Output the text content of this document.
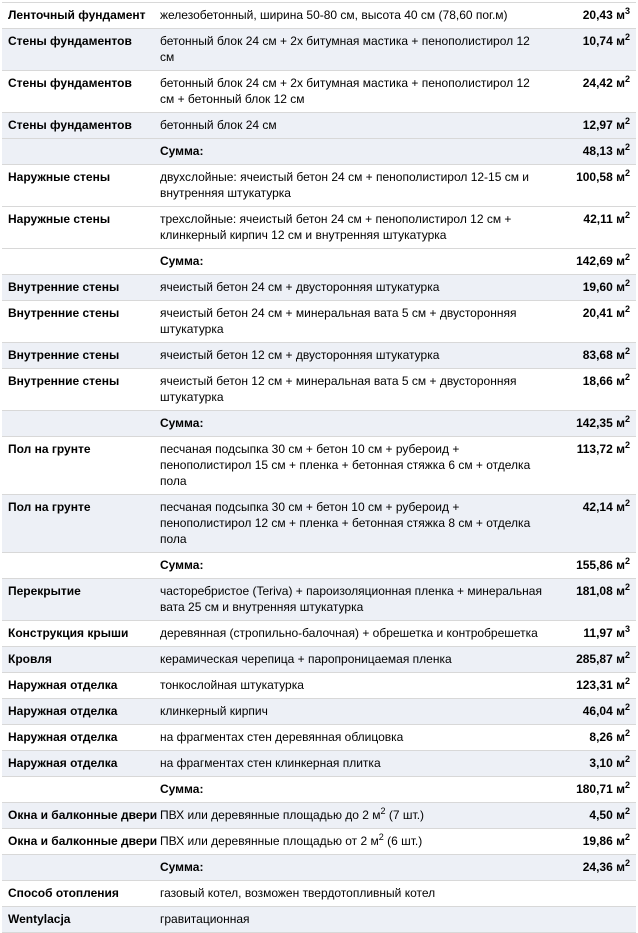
Ленточный фундамент	железобетонный, ширина 50-80 см, высота 40 см (78,60 пог.м)	20,43 $м^3$
Стены фундаментов	бетонный блок 24 см + 2х битумная мастика + пенополистирол 12 см	10,74 $м^2$
Стены фундаментов	бетонный блок 24 см + 2х битумная мастика + пенополистирол 12 см + бетонный блок 12 см	24,42 $м^2$
Стены фундаментов	бетонный блок 24 см	12,97 $м^2$
	Сумма:	48,13 $м^2$
Наружные стены	двухслойные: ячеистый бетон 24 см + пенополистирол 12-15 см и внутренняя штукатурка	100,58 $м^2$
Наружные стены	трехслойные: ячеистый бетон 24 см + пенополистирол 12 см + клинкерный кирпич 12 см и внутренняя штукатурка	42,11 $м^2$
	Сумма:	142,69 $м^2$
Внутренние стены	ячеистый бетон 24 см + двусторонняя штукатурка	19,60 $м^2$
Внутренние стены	ячеистый бетон 24 см + минеральная вата 5 см + двусторонняя штукатурка	20,41 $м^2$
Внутренние стены	ячеистый бетон 12 см + двусторонняя штукатурка	83,68 $м^2$
Внутренние стены	ячеистый бетон 12 см + минеральная вата 5 см + двусторонняя штукатурка	18,66 $м^2$
	Сумма:	142,35 $м^2$
Пол на грунте	песчаная подсыпка 30 см + бетон 10 см + рубероид + пенополистирол 15 см + пленка + бетонная стяжка 6 см + отделка пола	113,72 $м^2$
Пол на грунте	песчаная подсыпка 30 см + бетон 10 см + рубероид + пенополистирол 12 см + пленка + бетонная стяжка 8 см + отделка пола	42,14 $м^2$
	Сумма:	155,86 $м^2$
Перекрытие	часторебристое (Teriva) + пароизоляционная пленка + минеральная вата 25 см и внутренняя штукатурка	181,08 $м^2$
Конструкция крыши	деревянная (стропильно-балочная) + обрешетка и контробрешетка	11,97 $м^3$
Кровля	керамическая черепица + паропроницаемая пленка	285,87 $м^2$
Наружная отделка	тонкослойная штукатурка	123,31 $м^2$
Наружная отделка	клинкерный кирпич	46,04 $м^2$
Наружная отделка	на фрагментах стен деревянная облицовка	8,26 $м^2$
Наружная отделка	на фрагментах стен клинкерная плитка	3,10 $м^2$
	Сумма:	180,71 $м^2$
Окна и балконные двери	ПВХ или деревянные площадью до 2 $м^2$ (7 шт.)	4,50 $м^2$
Окна и балконные двери	ПВХ или деревянные площадью от 2 $м^2$ (6 шт.)	19,86 $м^2$
	Сумма:	24,36 $м^2$
Способ отопления	газовый котел, возможен твердотопливный котел	
Wentylacja	гравитационная	
